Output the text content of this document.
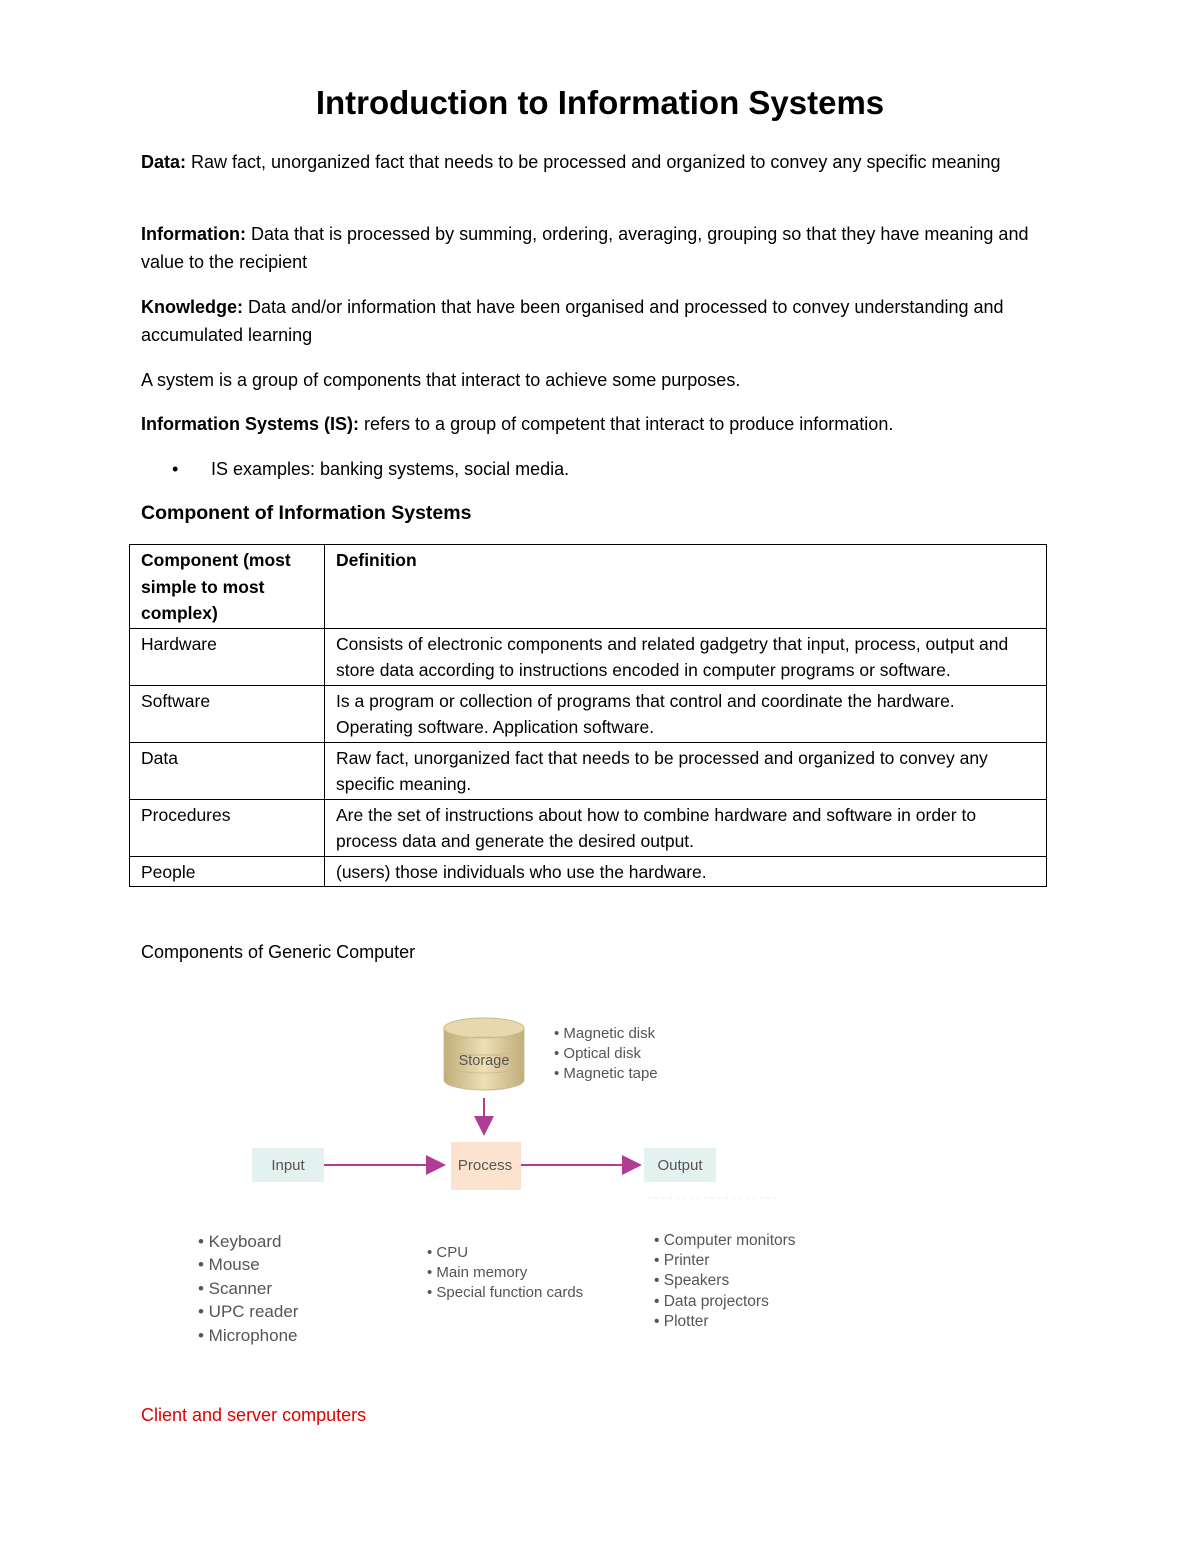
Introduction to Information Systems
Data: Raw fact, unorganized fact that needs to be processed and organized to convey any specific meaning
Information: Data that is processed by summing, ordering, averaging, grouping so that they have meaning and value to the recipient
Knowledge: Data and/or information that have been organised and processed to convey understanding and accumulated learning
A system is a group of components that interact to achieve some purposes.
Information Systems (IS): refers to a group of competent that interact to produce information.
• IS examples: banking systems, social media.
Component of Information Systems
Component (most simple to most complex)	Definition
Hardware	Consists of electronic components and related gadgetry that input, process, output and store data according to instructions encoded in computer programs or software.
Software	Is a program or collection of programs that control and coordinate the hardware. Operating software. Application software.
Data	Raw fact, unorganized fact that needs to be processed and organized to convey any specific meaning.
Procedures	Are the set of instructions about how to combine hardware and software in order to process data and generate the desired output.
People	(users) those individuals who use the hardware.
Components of Generic Computer
Storage
• Magnetic disk
• Optical disk
• Magnetic tape
Input	Process	Output
• Keyboard
• Mouse
• Scanner
• UPC reader
• Microphone
• CPU
• Main memory
• Special function cards
• Computer monitors
• Printer
• Speakers
• Data projectors
• Plotter
Client and server computers
